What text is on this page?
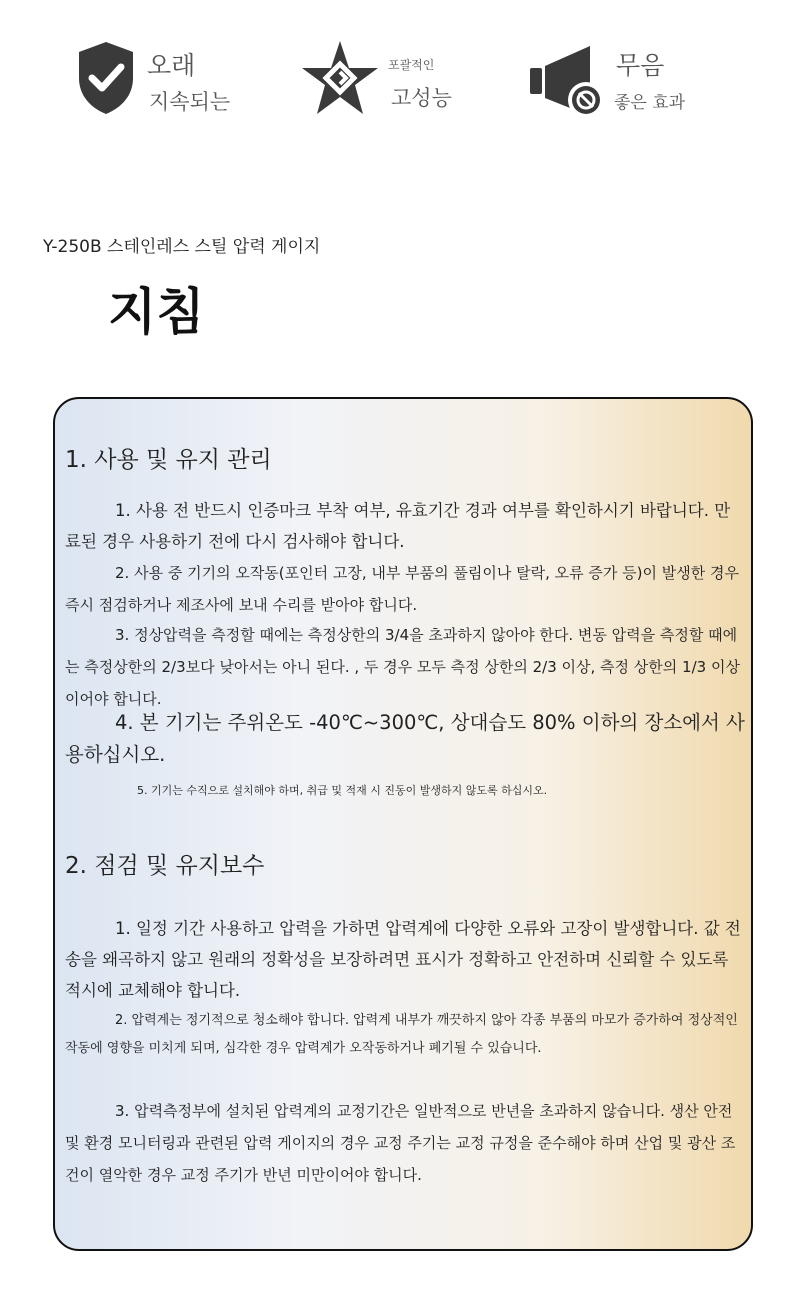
오래
지속되는
포괄적인
고성능
무음
좋은 효과
Y-250B 스테인레스 스틸 압력 게이지
지침
1. 사용 및 유지 관리
1. 사용 전 반드시 인증마크 부착 여부, 유효기간 경과 여부를 확인하시기 바랍니다. 만료된 경우 사용하기 전에 다시 검사해야 합니다.
2. 사용 중 기기의 오작동(포인터 고장, 내부 부품의 풀림이나 탈락, 오류 증가 등)이 발생한 경우 즉시 점검하거나 제조사에 보내 수리를 받아야 합니다.
3. 정상압력을 측정할 때에는 측정상한의 3/4을 초과하지 않아야 한다. 변동 압력을 측정할 때에는 측정상한의 2/3보다 낮아서는 아니 된다. , 두 경우 모두 측정 상한의 2/3 이상, 측정 상한의 1/3 이상이어야 합니다.
4. 본 기기는 주위온도 -40℃~300℃, 상대습도 80% 이하의 장소에서 사용하십시오.
5. 기기는 수직으로 설치해야 하며, 취급 및 적재 시 진동이 발생하지 않도록 하십시오.
2. 점검 및 유지보수
1. 일정 기간 사용하고 압력을 가하면 압력계에 다양한 오류와 고장이 발생합니다. 값 전송을 왜곡하지 않고 원래의 정확성을 보장하려면 표시가 정확하고 안전하며 신뢰할 수 있도록 적시에 교체해야 합니다.
2. 압력계는 정기적으로 청소해야 합니다. 압력계 내부가 깨끗하지 않아 각종 부품의 마모가 증가하여 정상적인 작동에 영향을 미치게 되며, 심각한 경우 압력계가 오작동하거나 폐기될 수 있습니다.
3. 압력측정부에 설치된 압력계의 교정기간은 일반적으로 반년을 초과하지 않습니다. 생산 안전 및 환경 모니터링과 관련된 압력 게이지의 경우 교정 주기는 교정 규정을 준수해야 하며 산업 및 광산 조건이 열악한 경우 교정 주기가 반년 미만이어야 합니다.
